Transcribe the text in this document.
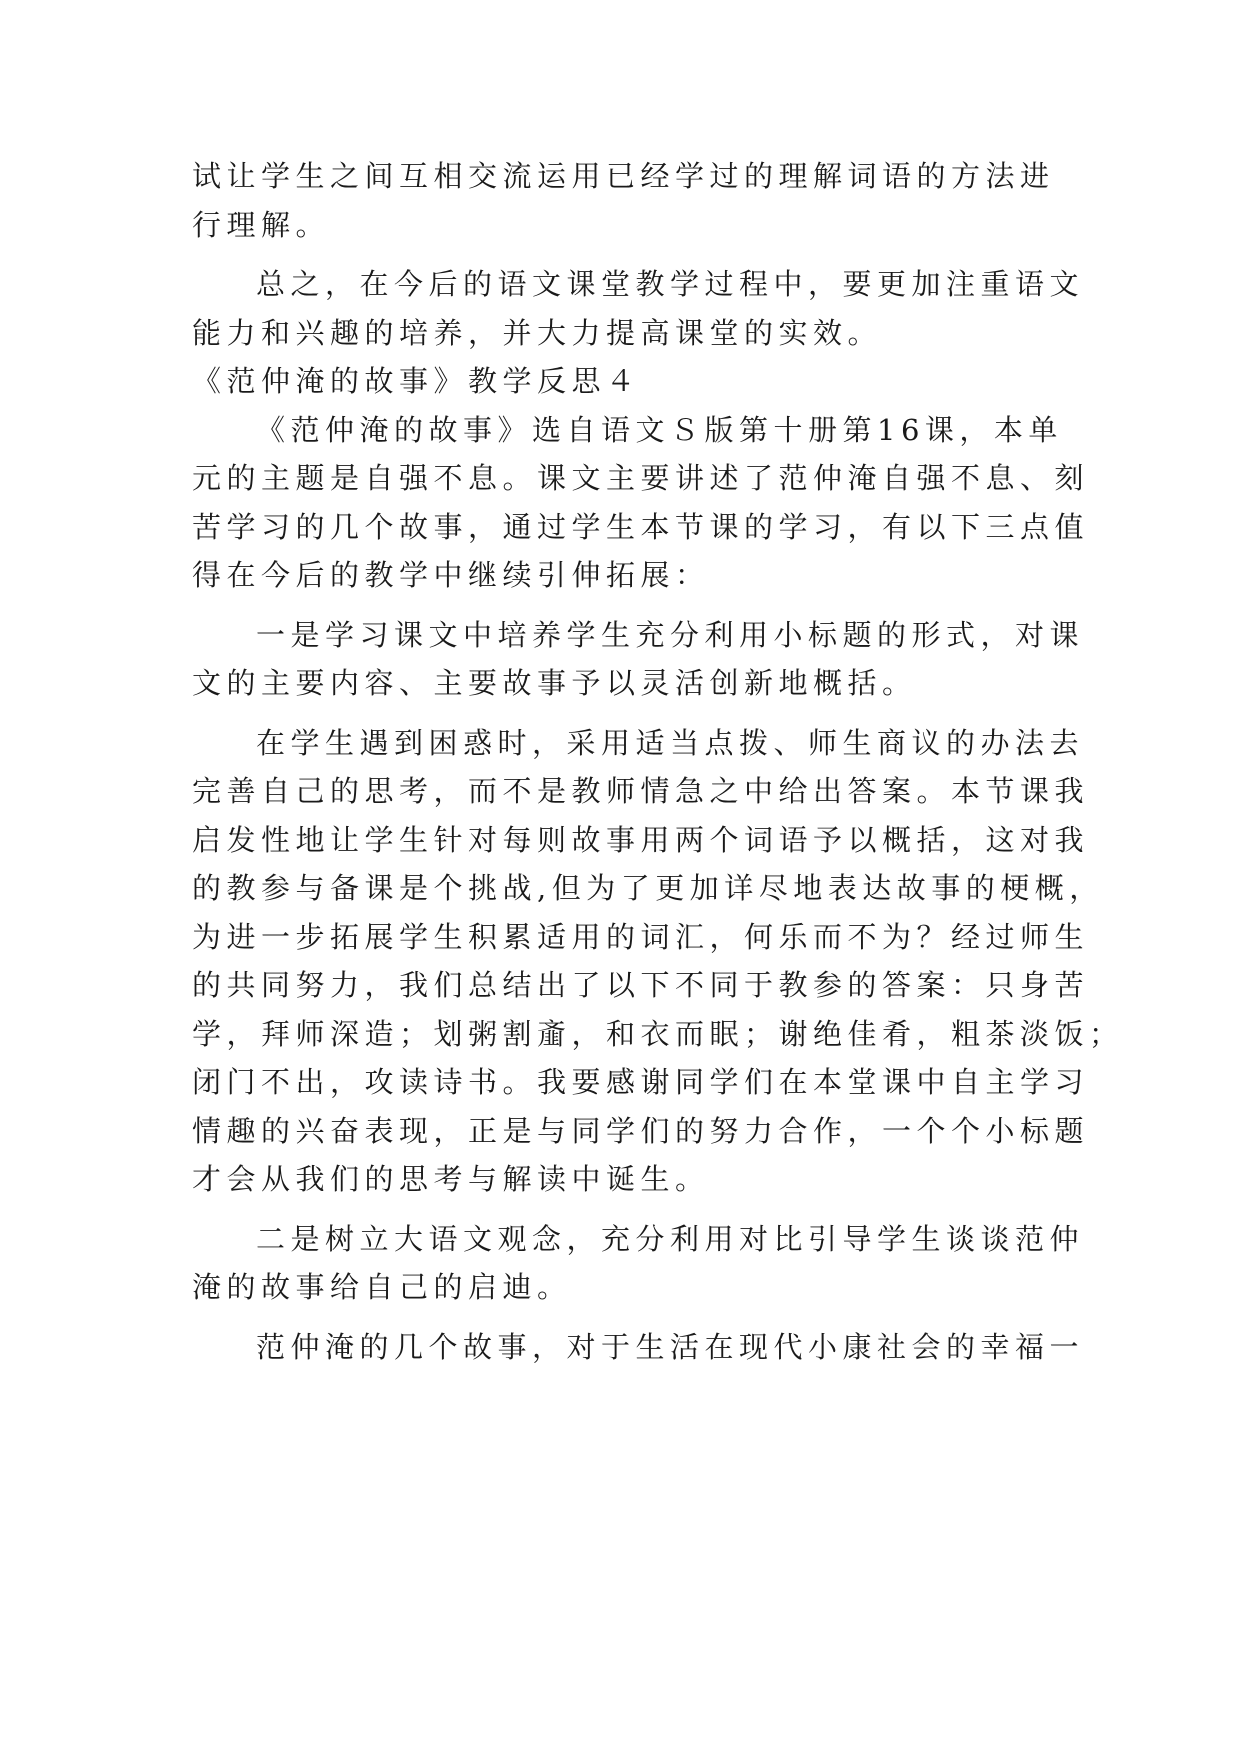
试让学生之间互相交流运用已经学过的理解词语的方法进
行理解。
总之，在今后的语文课堂教学过程中，要更加注重语文
能力和兴趣的培养，并大力提高课堂的实效。
《范仲淹的故事》教学反思４
《范仲淹的故事》选自语文Ｓ版第十册第16课，本单
元的主题是自强不息。课文主要讲述了范仲淹自强不息、刻
苦学习的几个故事，通过学生本节课的学习，有以下三点值
得在今后的教学中继续引伸拓展：
一是学习课文中培养学生充分利用小标题的形式，对课
文的主要内容、主要故事予以灵活创新地概括。
在学生遇到困惑时，采用适当点拨、师生商议的办法去
完善自己的思考，而不是教师情急之中给出答案。本节课我
启发性地让学生针对每则故事用两个词语予以概括，这对我
的教参与备课是个挑战,但为了更加详尽地表达故事的梗概，
为进一步拓展学生积累适用的词汇，何乐而不为？经过师生
的共同努力，我们总结出了以下不同于教参的答案：只身苦
学，拜师深造；划粥割齑，和衣而眠；谢绝佳肴，粗茶淡饭；
闭门不出，攻读诗书。我要感谢同学们在本堂课中自主学习
情趣的兴奋表现，正是与同学们的努力合作，一个个小标题
才会从我们的思考与解读中诞生。
二是树立大语文观念，充分利用对比引导学生谈谈范仲
淹的故事给自己的启迪。
范仲淹的几个故事，对于生活在现代小康社会的幸福一
